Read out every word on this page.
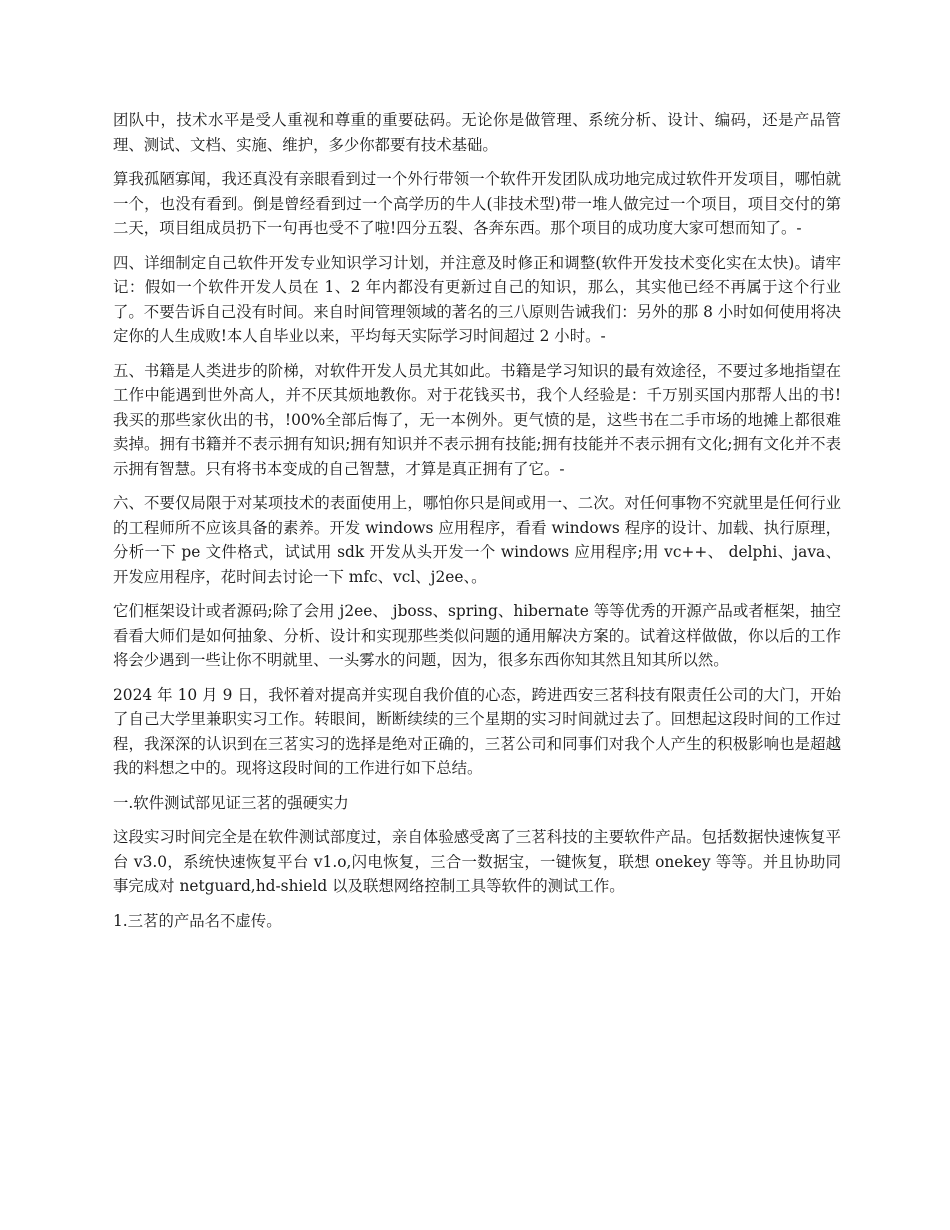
团队中，技术水平是受人重视和尊重的重要砝码。无论你是做管理、系统分析、设计、编码，还是产品管理、测试、文档、实施、维护，多少你都要有技术基础。

算我孤陋寡闻，我还真没有亲眼看到过一个外行带领一个软件开发团队成功地完成过软件开发项目，哪怕就一个，也没有看到。倒是曾经看到过一个高学历的牛人(非技术型)带一堆人做完过一个项目，项目交付的第二天，项目组成员扔下一句再也受不了啦!四分五裂、各奔东西。那个项目的成功度大家可想而知了。-

四、详细制定自己软件开发专业知识学习计划，并注意及时修正和调整(软件开发技术变化实在太快)。请牢记：假如一个软件开发人员在 1、2 年内都没有更新过自己的知识，那么，其实他已经不再属于这个行业了。不要告诉自己没有时间。来自时间管理领域的著名的三八原则告诫我们：另外的那 8 小时如何使用将决定你的人生成败!本人自毕业以来，平均每天实际学习时间超过 2 小时。-

五、书籍是人类进步的阶梯，对软件开发人员尤其如此。书籍是学习知识的最有效途径，不要过多地指望在工作中能遇到世外高人，并不厌其烦地教你。对于花钱买书，我个人经验是：千万别买国内那帮人出的书!我买的那些家伙出的书，!00%全部后悔了，无一本例外。更气愤的是，这些书在二手市场的地摊上都很难卖掉。拥有书籍并不表示拥有知识;拥有知识并不表示拥有技能;拥有技能并不表示拥有文化;拥有文化并不表示拥有智慧。只有将书本变成的自己智慧，才算是真正拥有了它。-

六、不要仅局限于对某项技术的表面使用上，哪怕你只是间或用一、二次。对任何事物不究就里是任何行业的工程师所不应该具备的素养。开发 windows 应用程序，看看 windows 程序的设计、加载、执行原理，分析一下 pe 文件格式，试试用 sdk 开发从头开发一个 windows 应用程序;用 vc++、 delphi、java、开发应用程序，花时间去讨论一下 mfc、vcl、j2ee、。

它们框架设计或者源码;除了会用 j2ee、 jboss、spring、hibernate 等等优秀的开源产品或者框架，抽空看看大师们是如何抽象、分析、设计和实现那些类似问题的通用解决方案的。试着这样做做，你以后的工作将会少遇到一些让你不明就里、一头雾水的问题，因为，很多东西你知其然且知其所以然。

2024 年 10 月 9 日，我怀着对提高并实现自我价值的心态，跨进西安三茗科技有限责任公司的大门，开始了自己大学里兼职实习工作。转眼间，断断续续的三个星期的实习时间就过去了。回想起这段时间的工作过程，我深深的认识到在三茗实习的选择是绝对正确的，三茗公司和同事们对我个人产生的积极影响也是超越我的料想之中的。现将这段时间的工作进行如下总结。

一.软件测试部见证三茗的强硬实力

这段实习时间完全是在软件测试部度过，亲自体验感受离了三茗科技的主要软件产品。包括数据快速恢复平台 v3.0，系统快速恢复平台 v1.o,闪电恢复，三合一数据宝，一键恢复，联想 onekey 等等。并且协助同事完成对 netguard,hd-shield 以及联想网络控制工具等软件的测试工作。

1.三茗的产品名不虚传。
